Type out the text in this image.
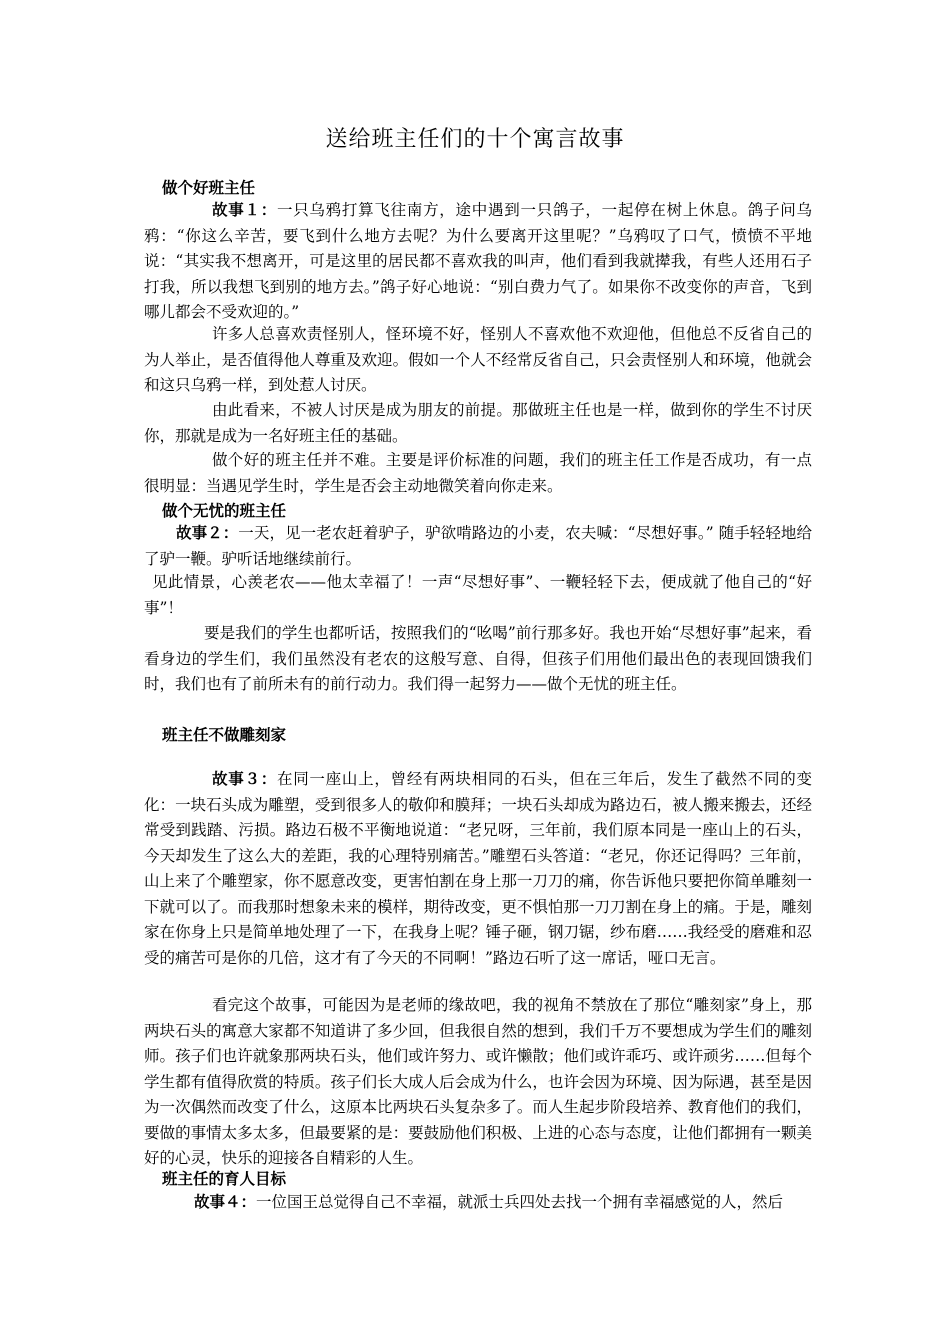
送给班主任们的十个寓言故事
做个好班主任
故事１：一只乌鸦打算飞往南方，途中遇到一只鸽子，一起停在树上休息。鸽子问乌鸦：“你这么辛苦，要飞到什么地方去呢？为什么要离开这里呢？”乌鸦叹了口气，愤愤不平地说：“其实我不想离开，可是这里的居民都不喜欢我的叫声，他们看到我就撵我，有些人还用石子打我，所以我想飞到别的地方去。”鸽子好心地说：“别白费力气了。如果你不改变你的声音，飞到哪儿都会不受欢迎的。”
许多人总喜欢责怪别人，怪环境不好，怪别人不喜欢他不欢迎他，但他总不反省自己的为人举止，是否值得他人尊重及欢迎。假如一个人不经常反省自己，只会责怪别人和环境，他就会和这只乌鸦一样，到处惹人讨厌。
由此看来，不被人讨厌是成为朋友的前提。那做班主任也是一样，做到你的学生不讨厌你，那就是成为一名好班主任的基础。
做个好的班主任并不难。主要是评价标准的问题，我们的班主任工作是否成功，有一点很明显：当遇见学生时，学生是否会主动地微笑着向你走来。
做个无忧的班主任
故事２：一天，见一老农赶着驴子，驴欲啃路边的小麦，农夫喊：“尽想好事。” 随手轻轻地给了驴一鞭。驴听话地继续前行。
见此情景，心羡老农——他太幸福了！一声“尽想好事”、一鞭轻轻下去，便成就了他自己的“好事”！
要是我们的学生也都听话，按照我们的“吆喝”前行那多好。我也开始“尽想好事”起来，看看身边的学生们，我们虽然没有老农的这般写意、自得，但孩子们用他们最出色的表现回馈我们时，我们也有了前所未有的前行动力。我们得一起努力——做个无忧的班主任。
班主任不做雕刻家
故事３：在同一座山上，曾经有两块相同的石头，但在三年后，发生了截然不同的变化：一块石头成为雕塑，受到很多人的敬仰和膜拜；一块石头却成为路边石，被人搬来搬去，还经常受到践踏、污损。路边石极不平衡地说道：“老兄呀，三年前，我们原本同是一座山上的石头，今天却发生了这么大的差距，我的心理特别痛苦。”雕塑石头答道：“老兄，你还记得吗？三年前，山上来了个雕塑家，你不愿意改变，更害怕割在身上那一刀刀的痛，你告诉他只要把你简单雕刻一下就可以了。而我那时想象未来的模样，期待改变，更不惧怕那一刀刀割在身上的痛。于是，雕刻家在你身上只是简单地处理了一下，在我身上呢？锤子砸，钢刀锯，纱布磨……我经受的磨难和忍受的痛苦可是你的几倍，这才有了今天的不同啊！”路边石听了这一席话，哑口无言。
看完这个故事，可能因为是老师的缘故吧，我的视角不禁放在了那位“雕刻家”身上，那两块石头的寓意大家都不知道讲了多少回，但我很自然的想到，我们千万不要想成为学生们的雕刻师。孩子们也许就象那两块石头，他们或许努力、或许懒散；他们或许乖巧、或许顽劣……但每个学生都有值得欣赏的特质。孩子们长大成人后会成为什么，也许会因为环境、因为际遇，甚至是因为一次偶然而改变了什么，这原本比两块石头复杂多了。而人生起步阶段培养、教育他们的我们，要做的事情太多太多，但最要紧的是：要鼓励他们积极、上进的心态与态度，让他们都拥有一颗美好的心灵，快乐的迎接各自精彩的人生。
班主任的育人目标
故事４：一位国王总觉得自己不幸福，就派士兵四处去找一个拥有幸福感觉的人，然后
